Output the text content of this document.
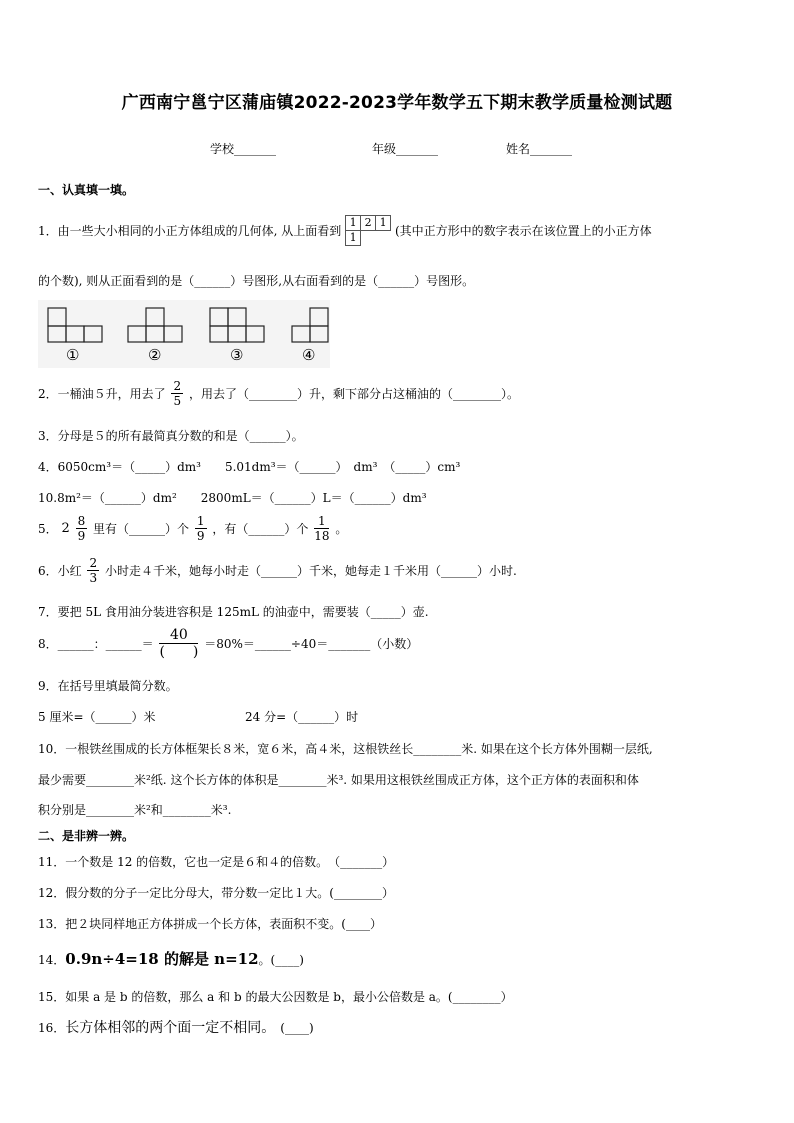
广西南宁邕宁区蒲庙镇2022-2023学年数学五下期末教学质量检测试题
学校_______	年级_______	姓名_______
一、认真填一填。
1．由一些大小相同的小正方体组成的几何体, 从上面看到 1	2	1
1			(其中正方形中的数字表示在该位置上的小正方体
的个数), 则从正面看到的是（______）号图形,从右面看到的是（______）号图形。
①	②	③	④
2．一桶油５升，用去了 $\frac{2}{5}$ ，用去了（________）升，剩下部分占这桶油的（________）。
3．分母是５的所有最简真分数的和是（______）。
4．6050cm³＝（_____）dm³　　5.01dm³＝（______）　dm³　（_____）cm³
10.8m²＝（______）dm²　　2800mL＝（______）L＝（______）dm³
5． $2 \frac{8}{9}$ 里有（______）个 $\frac{1}{9}$ ，有（______）个 $\frac{1}{18}$ 。
6．小红 $\frac{2}{3}$ 小时走４千米，她每小时走（______）千米，她每走１千米用（______）小时.
7．要把 5L 食用油分装进容积是 125mL 的油壶中，需要装（_____）壶.
8．______：______＝ $\frac{40}{( )}$ ＝80%＝______÷40＝_______（小数）
9．在括号里填最简分数。
5 厘米=（______）米	24 分=（______）时
10．一根铁丝围成的长方体框架长８米，宽６米，高４米，这根铁丝长________米. 如果在这个长方体外围糊一层纸,
最少需要________米²纸. 这个长方体的体积是________米³. 如果用这根铁丝围成正方体，这个正方体的表面积和体
积分别是________米²和________米³.
二、是非辨一辨。
11．一个数是 12 的倍数，它也一定是６和４的倍数。　（_______）
12．假分数的分子一定比分母大，带分数一定比１大。(________）
13．把２块同样地正方体拼成一个长方体，表面积不变。(____）
14．0.9n÷4=18 的解是 n=12。(____)
15．如果 a 是 b 的倍数，那么 a 和 b 的最大公因数是 b，最小公倍数是 a。(________）
16．长方体相邻的两个面一定不相同。　(____)
